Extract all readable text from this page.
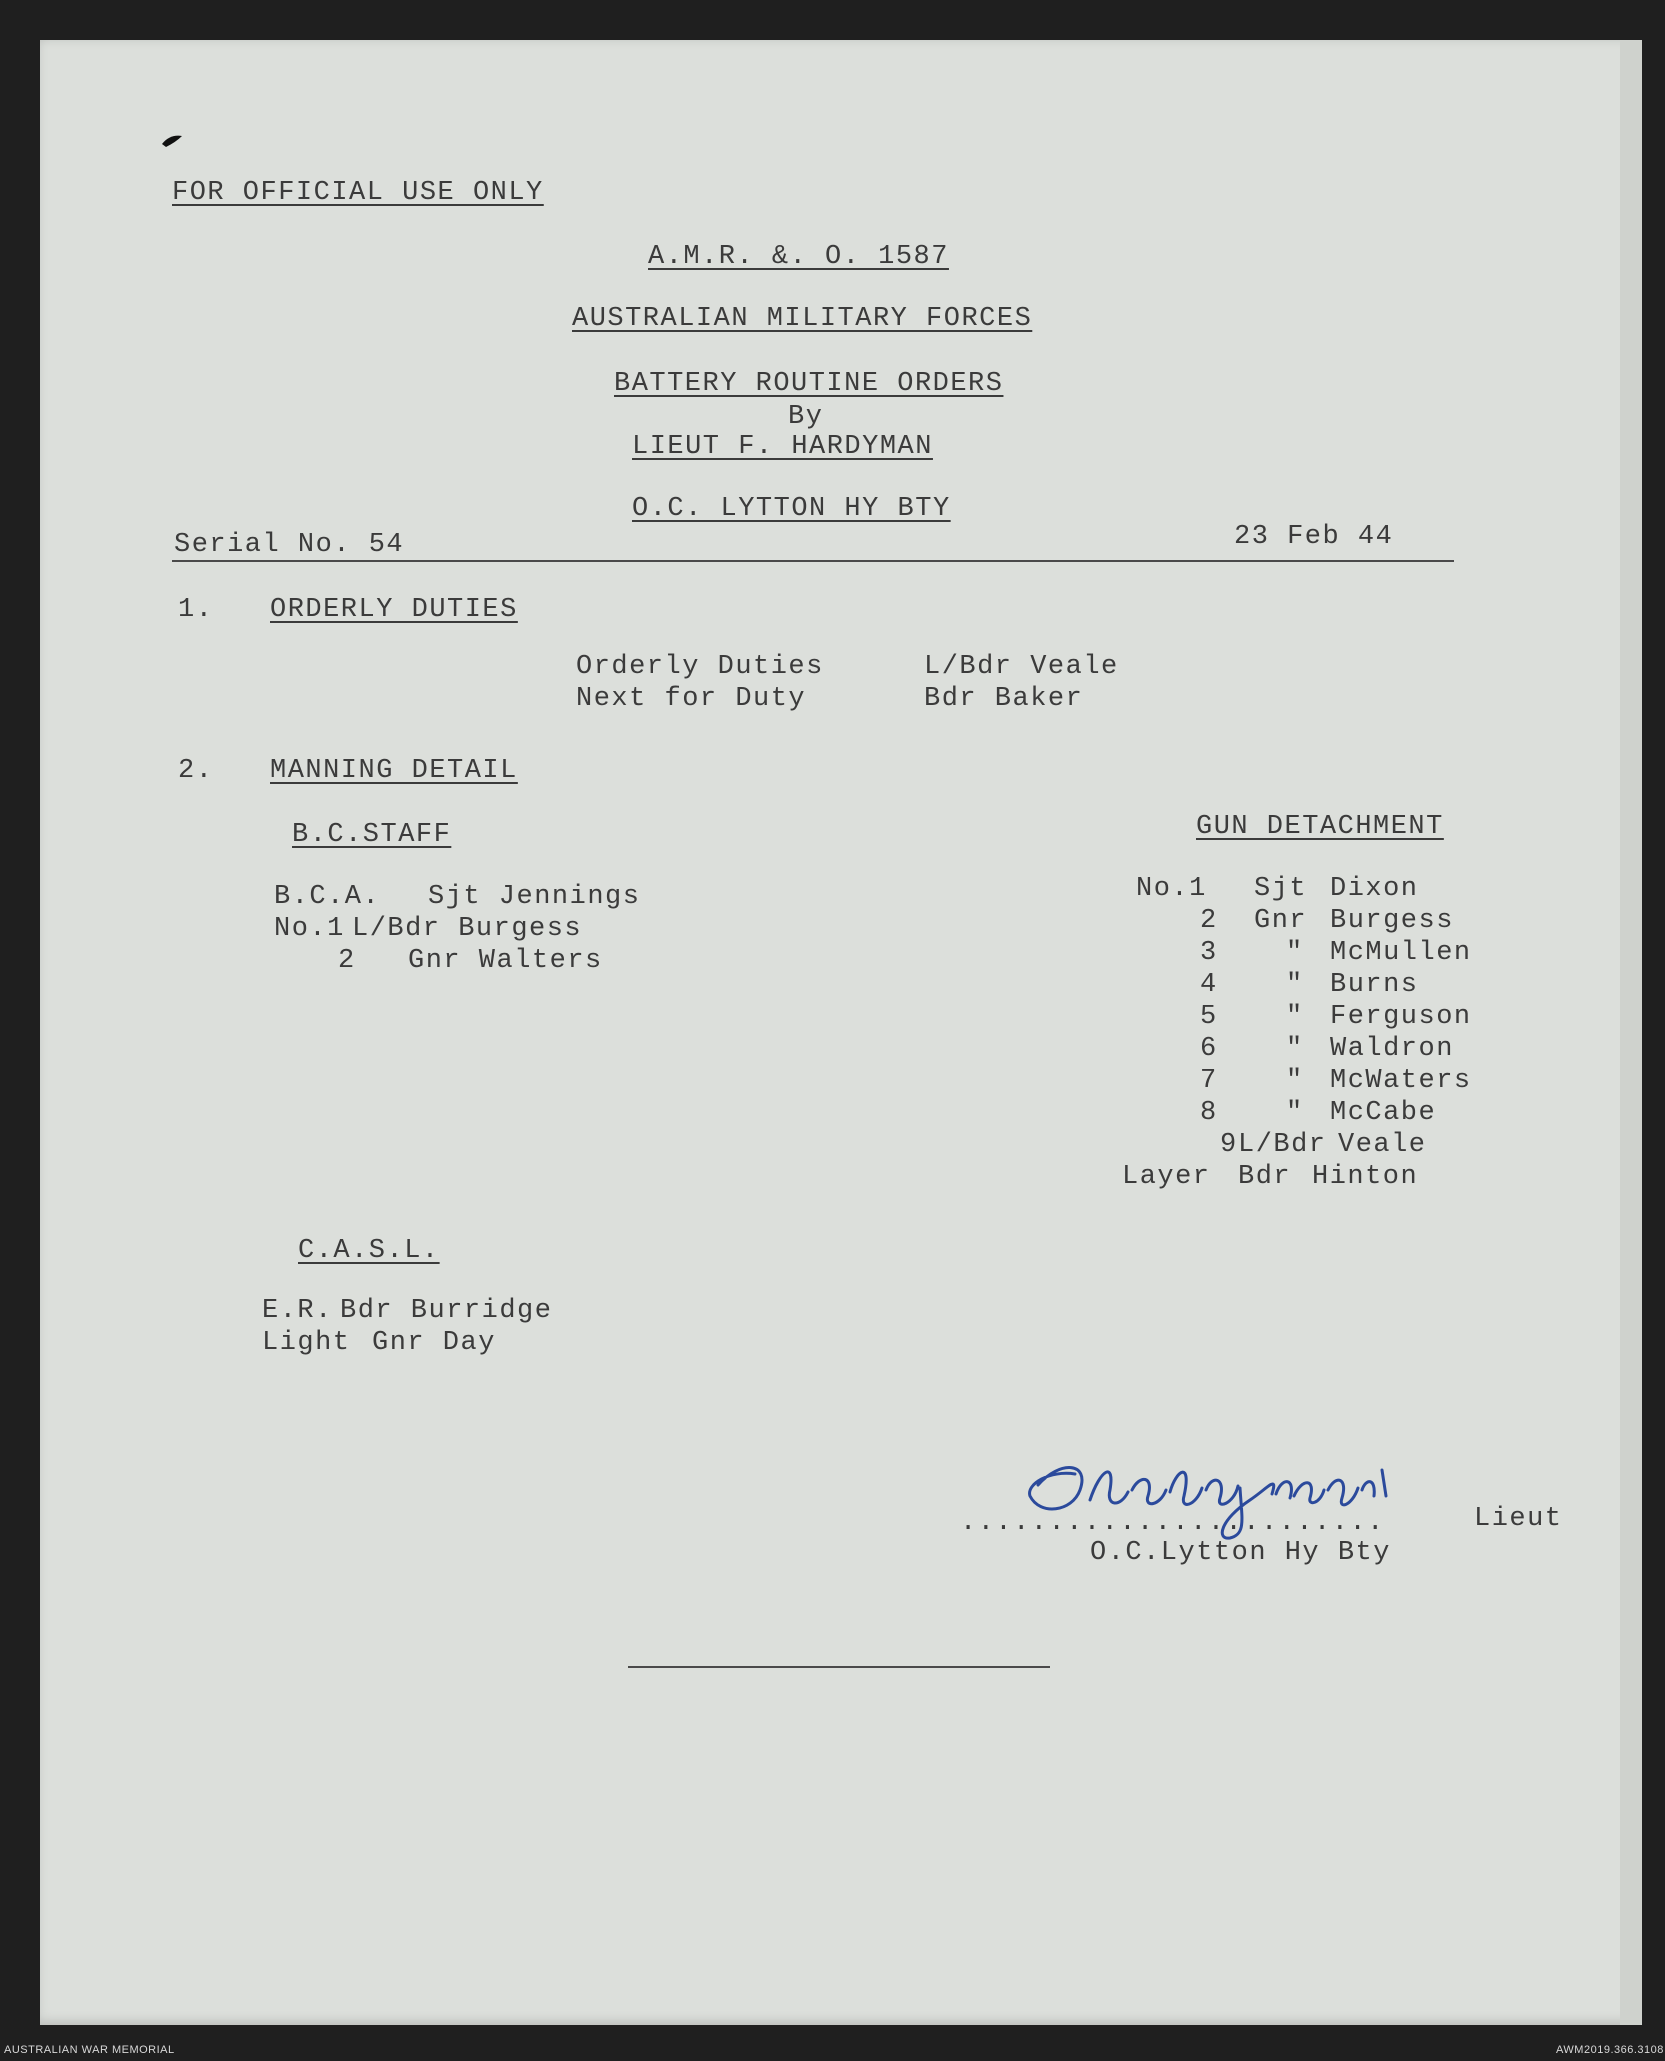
FOR OFFICIAL USE ONLY
A.M.R. &. O. 1587
AUSTRALIAN MILITARY FORCES
BATTERY ROUTINE ORDERS
By
LIEUT F. HARDYMAN
O.C. LYTTON HY BTY
Serial No. 54	23 Feb 44
1. ORDERLY DUTIES
Orderly Duties	L/Bdr Veale
Next for Duty	Bdr Baker
2. MANNING DETAIL
B.C.STAFF
B.C.A. Sjt Jennings
No.1 L/Bdr Burgess
2 Gnr Walters
GUN DETACHMENT
No.1 Sjt Dixon
2 Gnr Burgess
3	" McMullen
4	" Burns
5	" Ferguson
6	" Waldron
7	" McWaters
8	" McCabe
9 L/Bdr Veale
Layer Bdr Hinton
C.A.S.L.
E.R. Bdr Burridge
Light Gnr Day
........................	Lieut
O.C.Lytton Hy Bty
AUSTRALIAN WAR MEMORIAL	AWM2019.366.3108
